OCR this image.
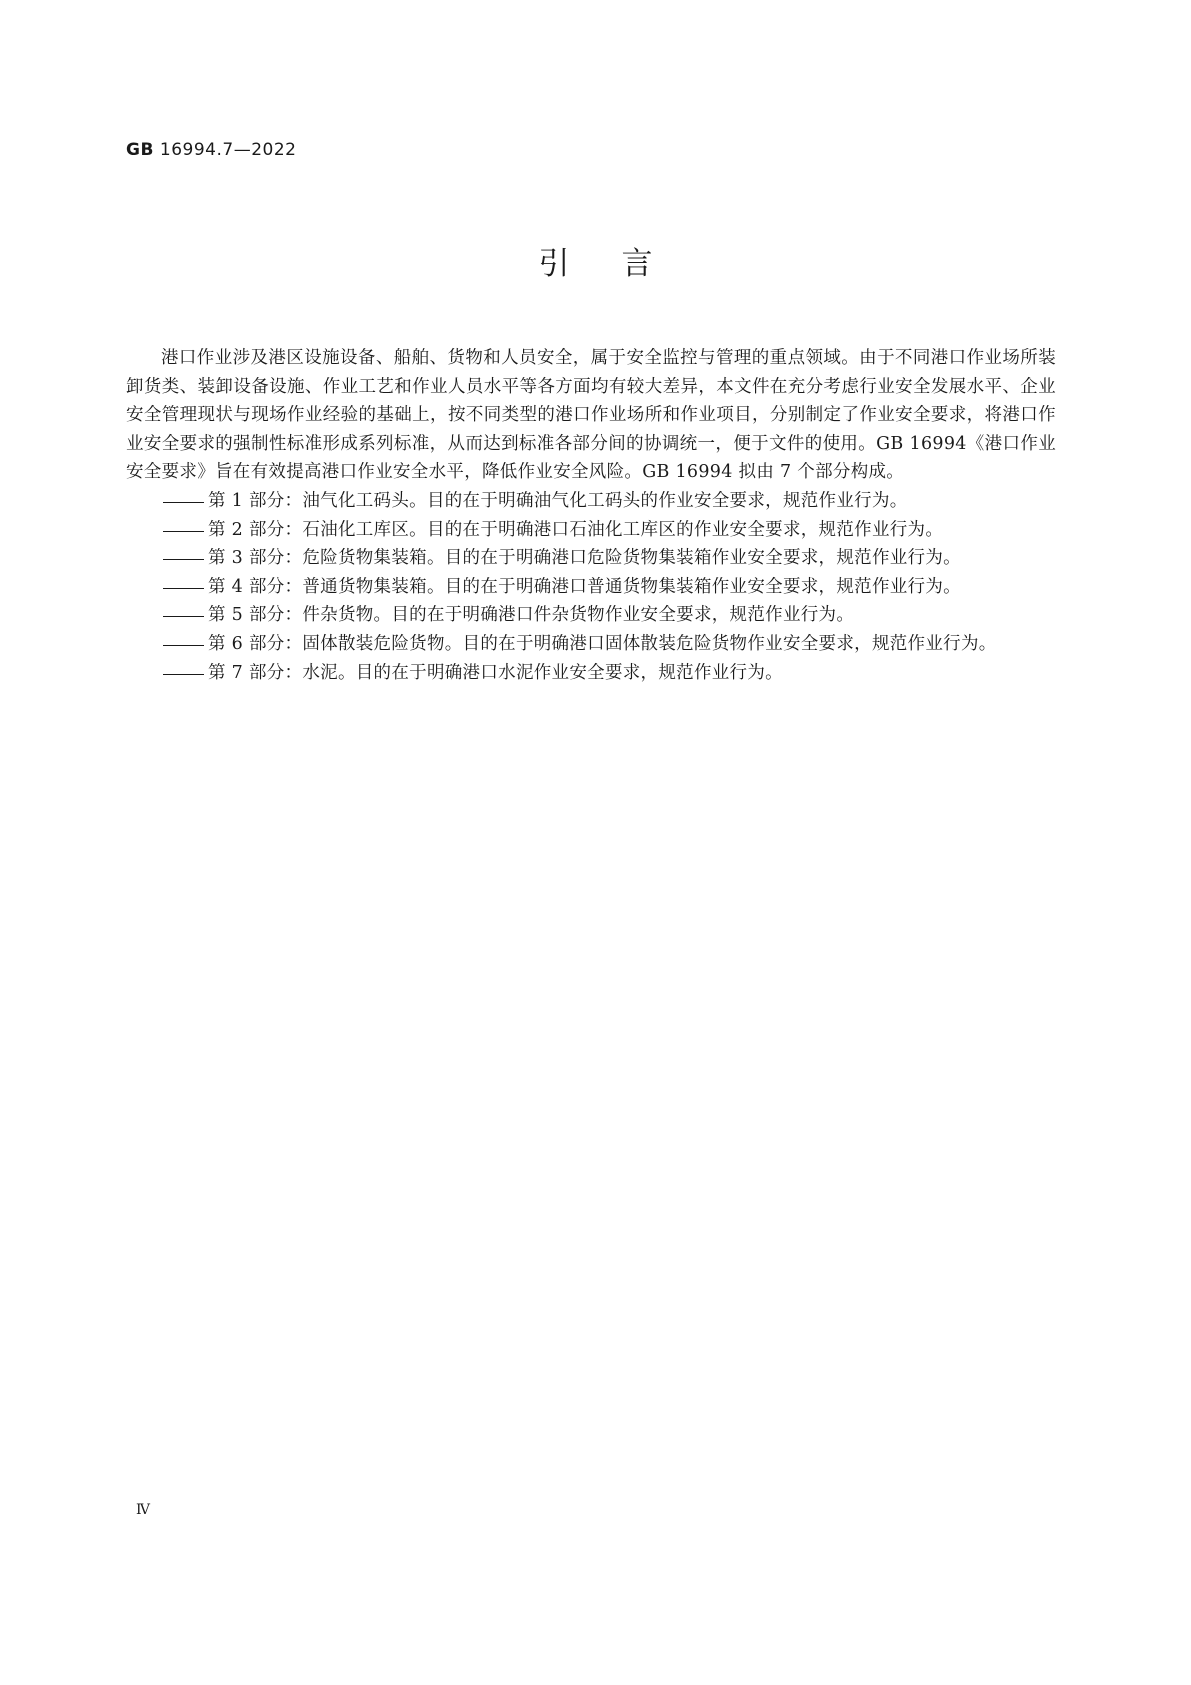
GB 16994.7—2022
引言

港口作业涉及港区设施设备、船舶、货物和人员安全，属于安全监控与管理的重点领域。由于不同港口作业场所装卸货类、装卸设备设施、作业工艺和作业人员水平等各方面均有较大差异，本文件在充分考虑行业安全发展水平、企业安全管理现状与现场作业经验的基础上，按不同类型的港口作业场所和作业项目，分别制定了作业安全要求，将港口作业安全要求的强制性标准形成系列标准，从而达到标准各部分间的协调统一，便于文件的使用。GB 16994《港口作业安全要求》旨在有效提高港口作业安全水平，降低作业安全风险。GB 16994 拟由 7 个部分构成。

第 1 部分：油气化工码头。目的在于明确油气化工码头的作业安全要求，规范作业行为。
第 2 部分：石油化工库区。目的在于明确港口石油化工库区的作业安全要求，规范作业行为。
第 3 部分：危险货物集装箱。目的在于明确港口危险货物集装箱作业安全要求，规范作业行为。
第 4 部分：普通货物集装箱。目的在于明确港口普通货物集装箱作业安全要求，规范作业行为。
第 5 部分：件杂货物。目的在于明确港口件杂货物作业安全要求，规范作业行为。
第 6 部分：固体散装危险货物。目的在于明确港口固体散装危险货物作业安全要求，规范作业行为。
第 7 部分：水泥。目的在于明确港口水泥作业安全要求，规范作业行为。
Ⅳ
